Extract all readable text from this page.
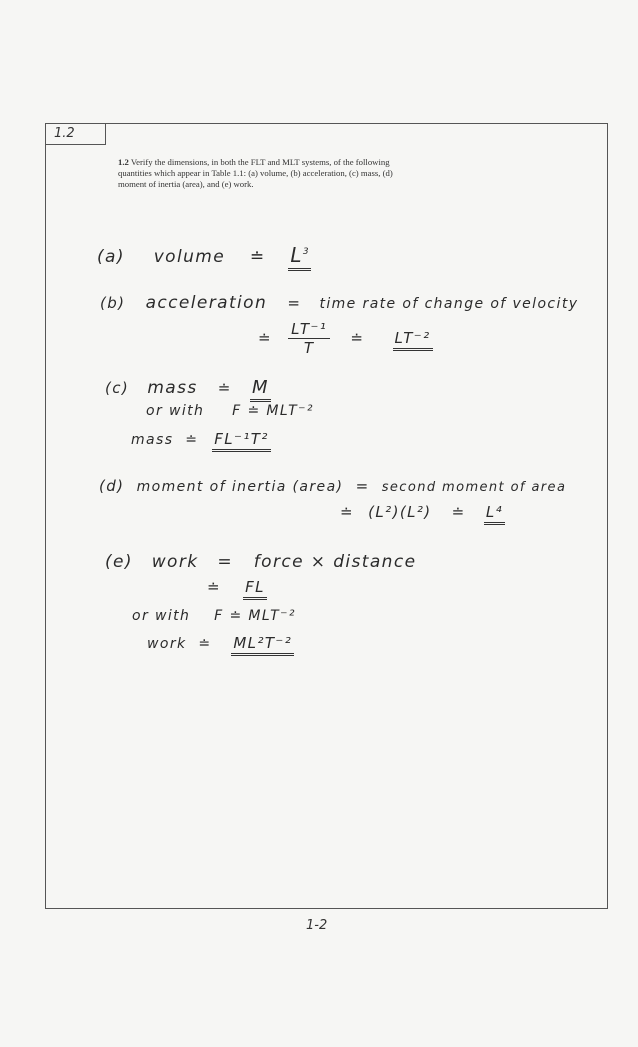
1.2
1.2 Verify the dimensions, in both the FLT and MLT systems, of the following quantities which appear in Table 1.1: (a) volume, (b) acceleration, (c) mass, (d) moment of inertia (area), and (e) work.
(a) volume ≐ $L^3$
(b) acceleration = time rate of change of velocity
≐ $\frac{\text{LT⁻¹}}{T}$ ≐ LT⁻²
(c) mass ≐ M
or with F ≐ MLT⁻²
mass ≐ FL⁻¹T²
(d) moment of inertia (area) = second moment of area
≐ (L²)(L²) ≐ L⁴
(e) work = force × distance
≐ FL
or with F ≐ MLT⁻²
work ≐ ML²T⁻²
1-2
